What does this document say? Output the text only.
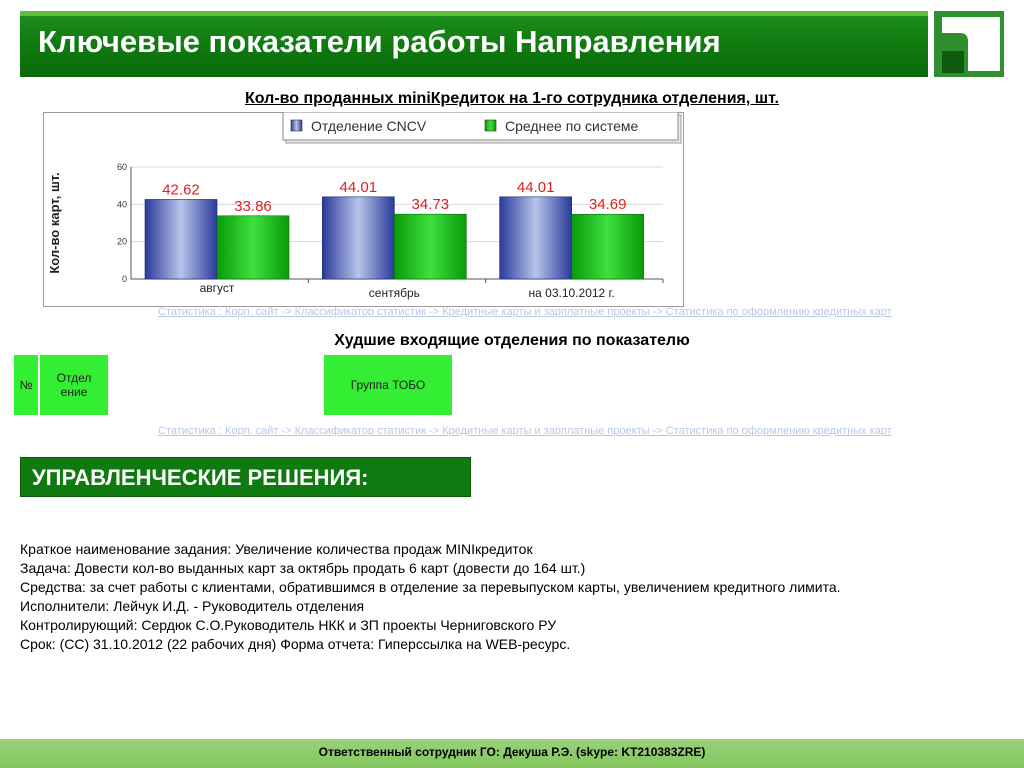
Ключевые показатели работы Направления
Кол-во проданных miniКредиток на 1-го сотрудника отделения, шт.
Отделение CNCV	Среднее по системе
0
20
40
60
Кол-во карт, шт.	42.62
33.86
август
44.01
34.73
сентябрь
44.01
34.69
на 03.10.2012 г.
Статистика : Корп. сайт -> Классификатор статистик -> Кредитные карты и зарплатные проекты -> Статистика по оформлению кредитных карт
Худшие входящие отделения по показателю
№	Отдел ение	Группа ТОБО
Статистика : Корп. сайт -> Классификатор статистик -> Кредитные карты и зарплатные проекты -> Статистика по оформлению кредитных карт
УПРАВЛЕНЧЕСКИЕ РЕШЕНИЯ:
Краткое наименование задания: Увеличение количества продаж MINIкредиток
Задача: Довести кол-во выданных карт за октябрь продать 6 карт (довести до 164 шт.)
Средства: за счет работы с клиентами, обратившимся в отделение за перевыпуском карты, увеличением кредитного лимита.
Исполнители: Лейчук И.Д. - Руководитель отделения
Контролирующий: Сердюк С.О.Руководитель НКК и ЗП проекты Черниговского РУ
Срок: (СС) 31.10.2012 (22 рабочих дня) Форма отчета: Гиперссылка на WEB-ресурс.
Ответственный сотрудник ГО: Декуша Р.Э. (skype: KT210383ZRE)
